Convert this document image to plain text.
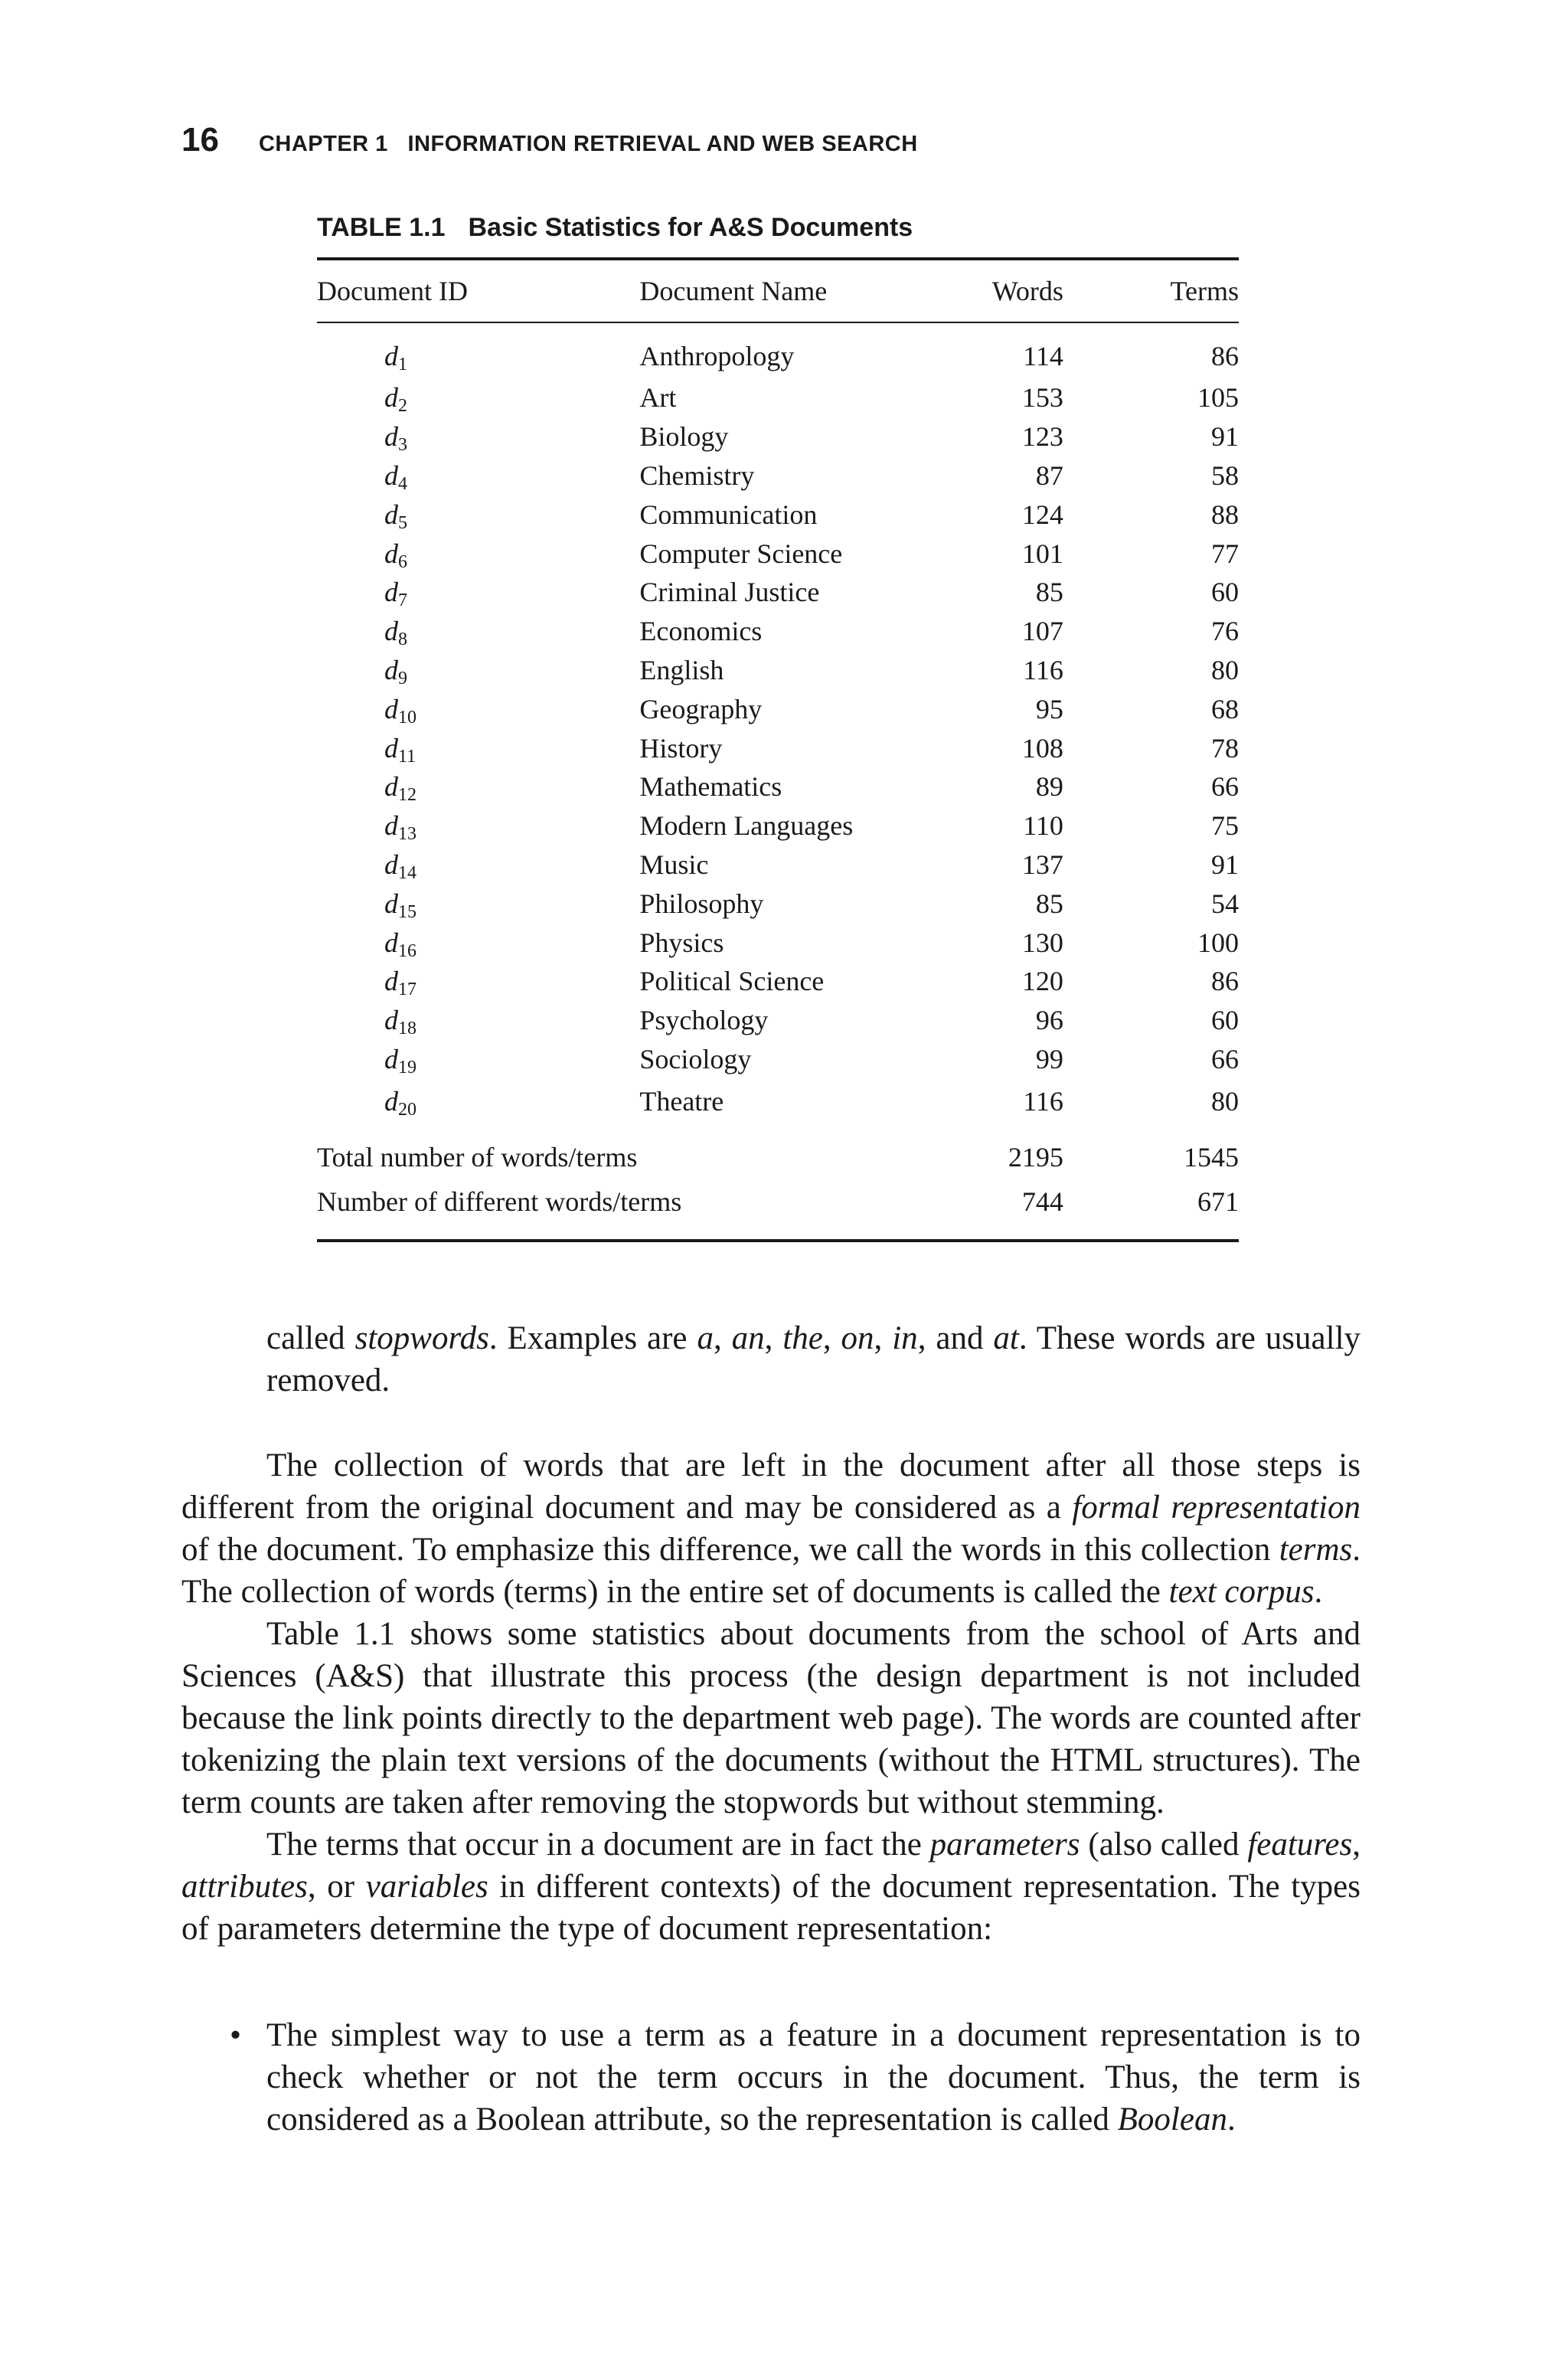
16 CHAPTER 1   INFORMATION RETRIEVAL AND WEB SEARCH
TABLE 1.1 Basic Statistics for A&S Documents
Document ID	Document Name	Words	Terms
$d_1$	Anthropology	114	86
$d_2$	Art	153	105
$d_3$	Biology	123	91
$d_4$	Chemistry	87	58
$d_5$	Communication	124	88
$d_6$	Computer Science	101	77
$d_7$	Criminal Justice	85	60
$d_8$	Economics	107	76
$d_9$	English	116	80
$d_{10}$	Geography	95	68
$d_{11}$	History	108	78
$d_{12}$	Mathematics	89	66
$d_{13}$	Modern Languages	110	75
$d_{14}$	Music	137	91
$d_{15}$	Philosophy	85	54
$d_{16}$	Physics	130	100
$d_{17}$	Political Science	120	86
$d_{18}$	Psychology	96	60
$d_{19}$	Sociology	99	66
$d_{20}$	Theatre	116	80
Total number of words/terms		2195	1545
Number of different words/terms		744	671
called stopwords. Examples are a, an, the, on, in, and at. These words are usually removed.

The collection of words that are left in the document after all those steps is different from the original document and may be considered as a formal representation of the document. To emphasize this difference, we call the words in this collection terms. The collection of words (terms) in the entire set of documents is called the text corpus.

Table 1.1 shows some statistics about documents from the school of Arts and Sciences (A&S) that illustrate this process (the design department is not included because the link points directly to the department web page). The words are counted after tokenizing the plain text versions of the documents (without the HTML structures). The term counts are taken after removing the stopwords but without stemming.

The terms that occur in a document are in fact the parameters (also called features, attributes, or variables in different contexts) of the document representation. The types of parameters determine the type of document representation:

• The simplest way to use a term as a feature in a document representation is to check whether or not the term occurs in the document. Thus, the term is considered as a Boolean attribute, so the representation is called Boolean.
